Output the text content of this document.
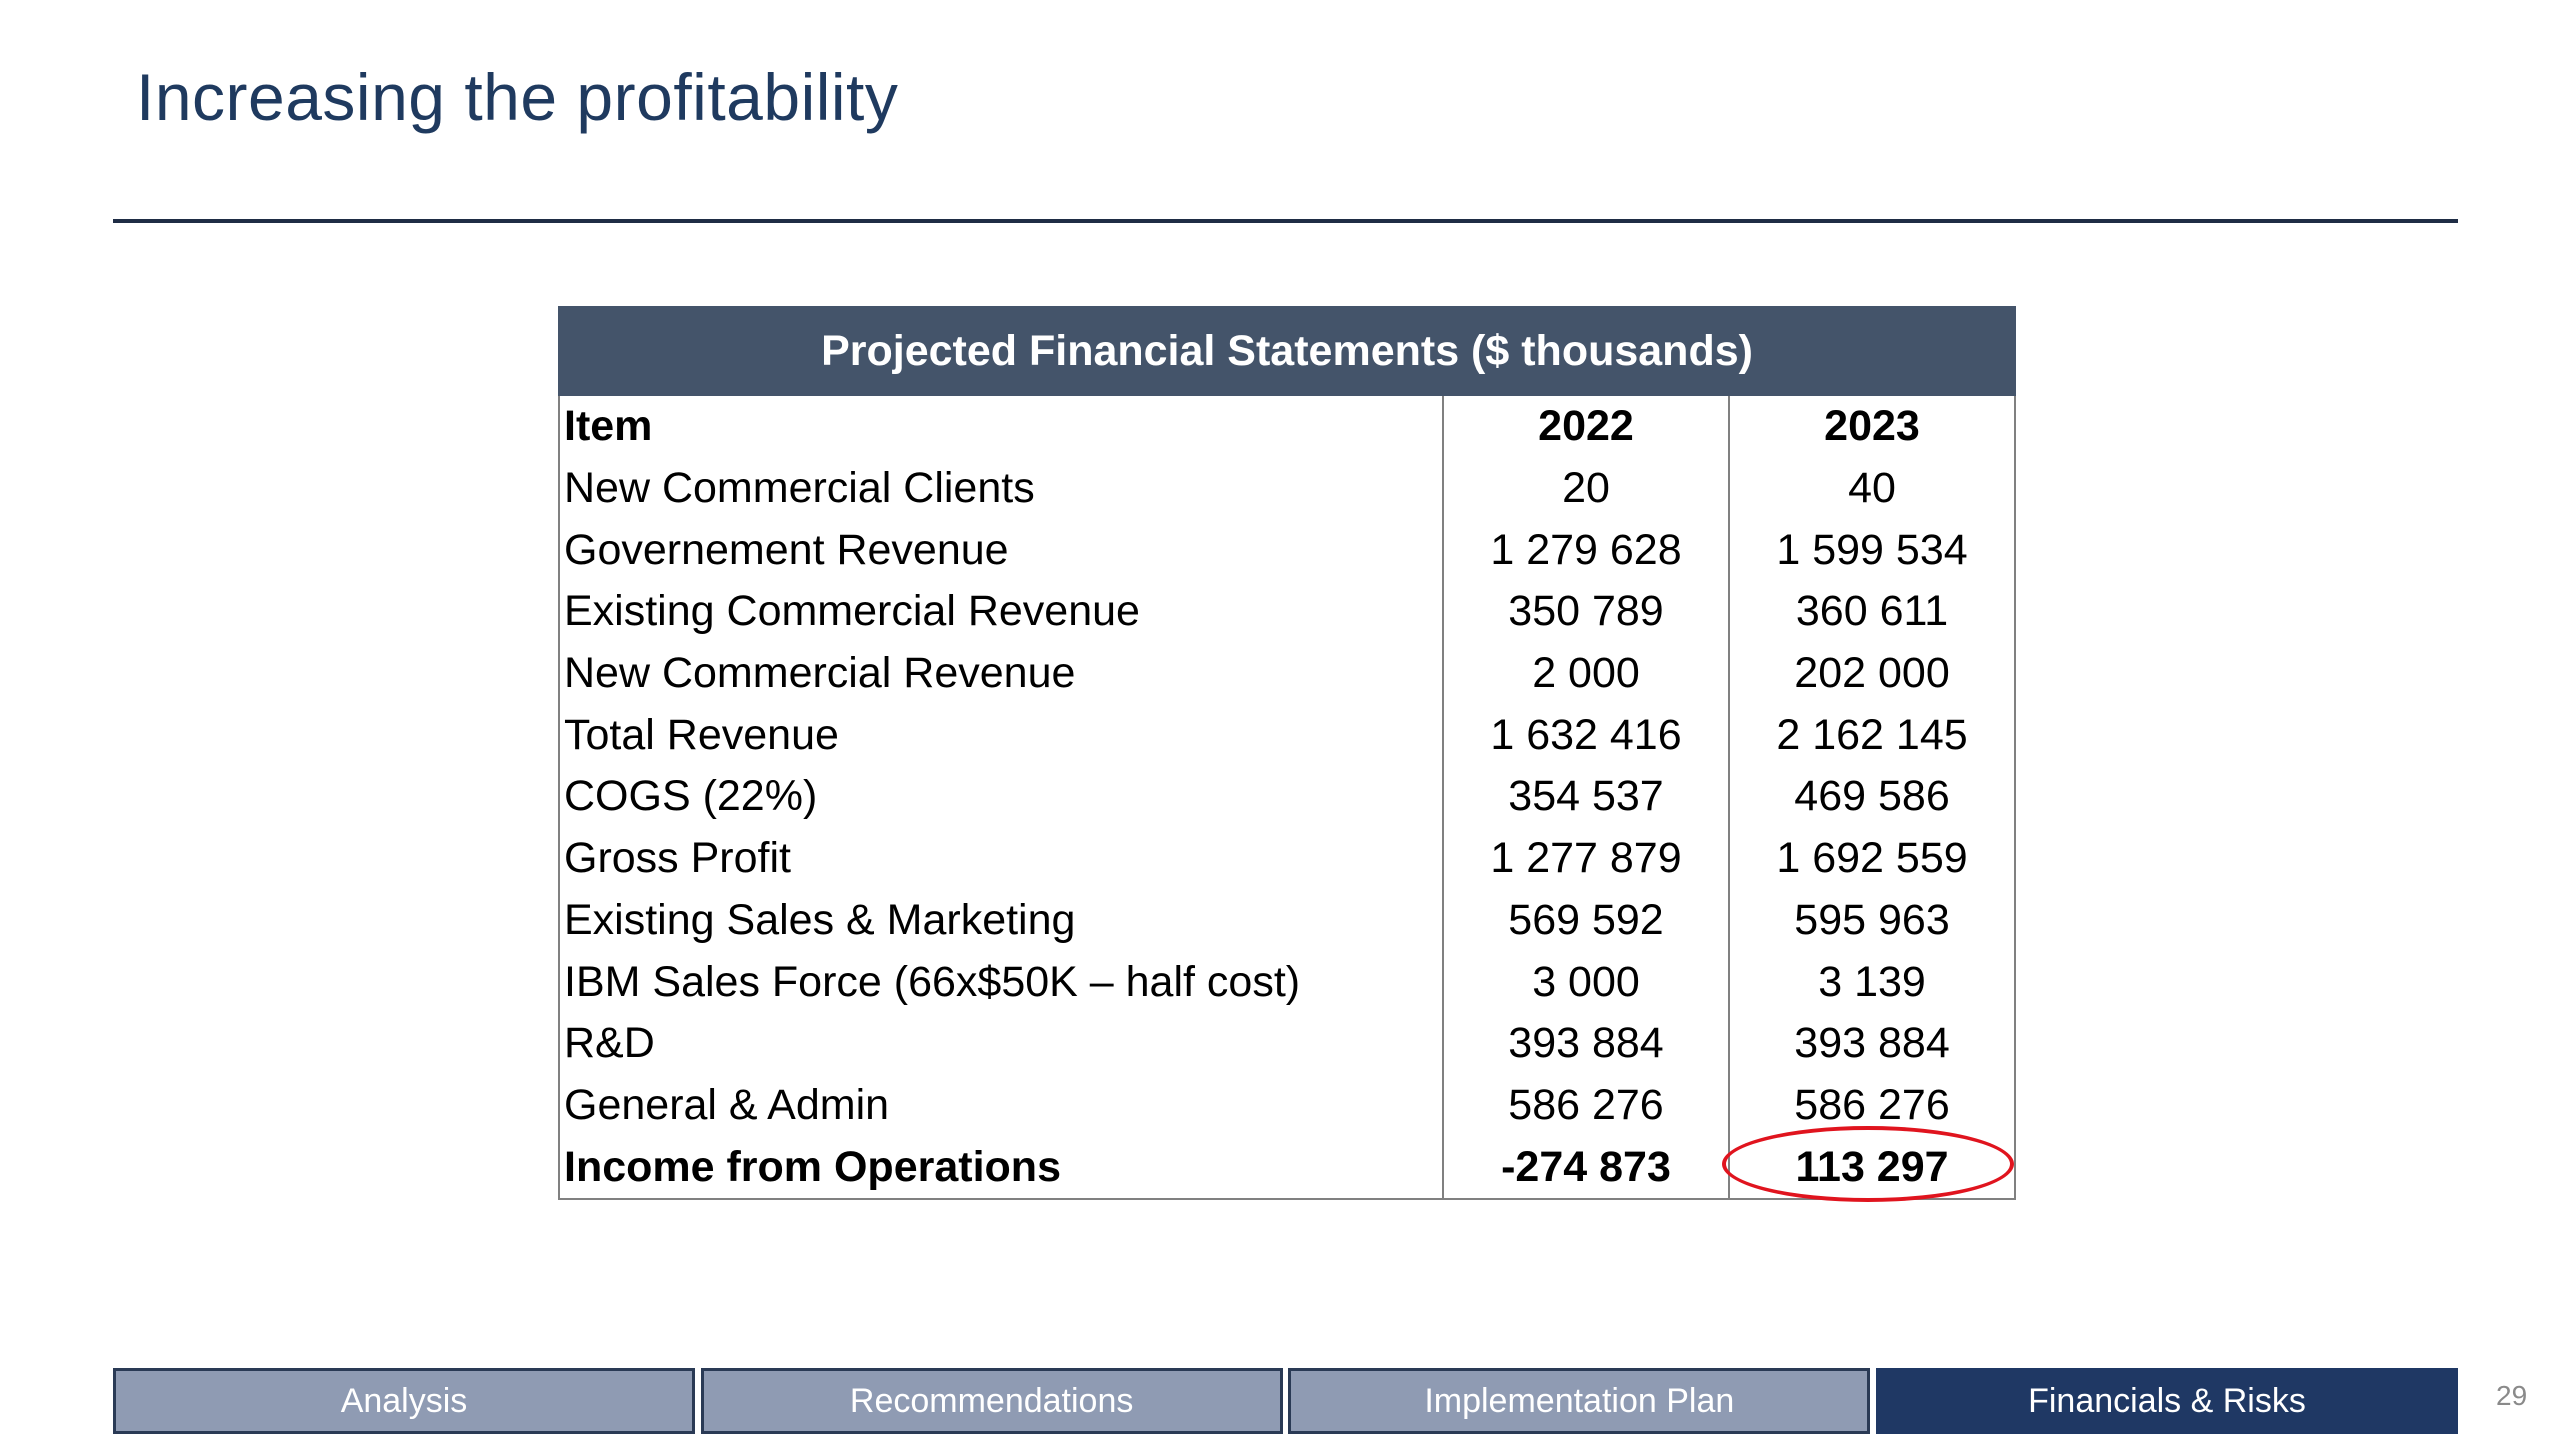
Increasing the profitability
Projected Financial Statements ($ thousands)		
Item	2022	2023
New Commercial Clients	20	40
Governement Revenue	1 279 628	1 599 534
Existing Commercial Revenue	350 789	360 611
New Commercial Revenue	2 000	202 000
Total Revenue	1 632 416	2 162 145
COGS (22%)	354 537	469 586
Gross Profit	1 277 879	1 692 559
Existing Sales & Marketing	569 592	595 963
IBM Sales Force (66x$50K – half cost)	3 000	3 139
R&D	393 884	393 884
General & Admin	586 276	586 276
Income from Operations	-274 873	113 297
Analysis	Recommendations	Implementation Plan	Financials & Risks	29
